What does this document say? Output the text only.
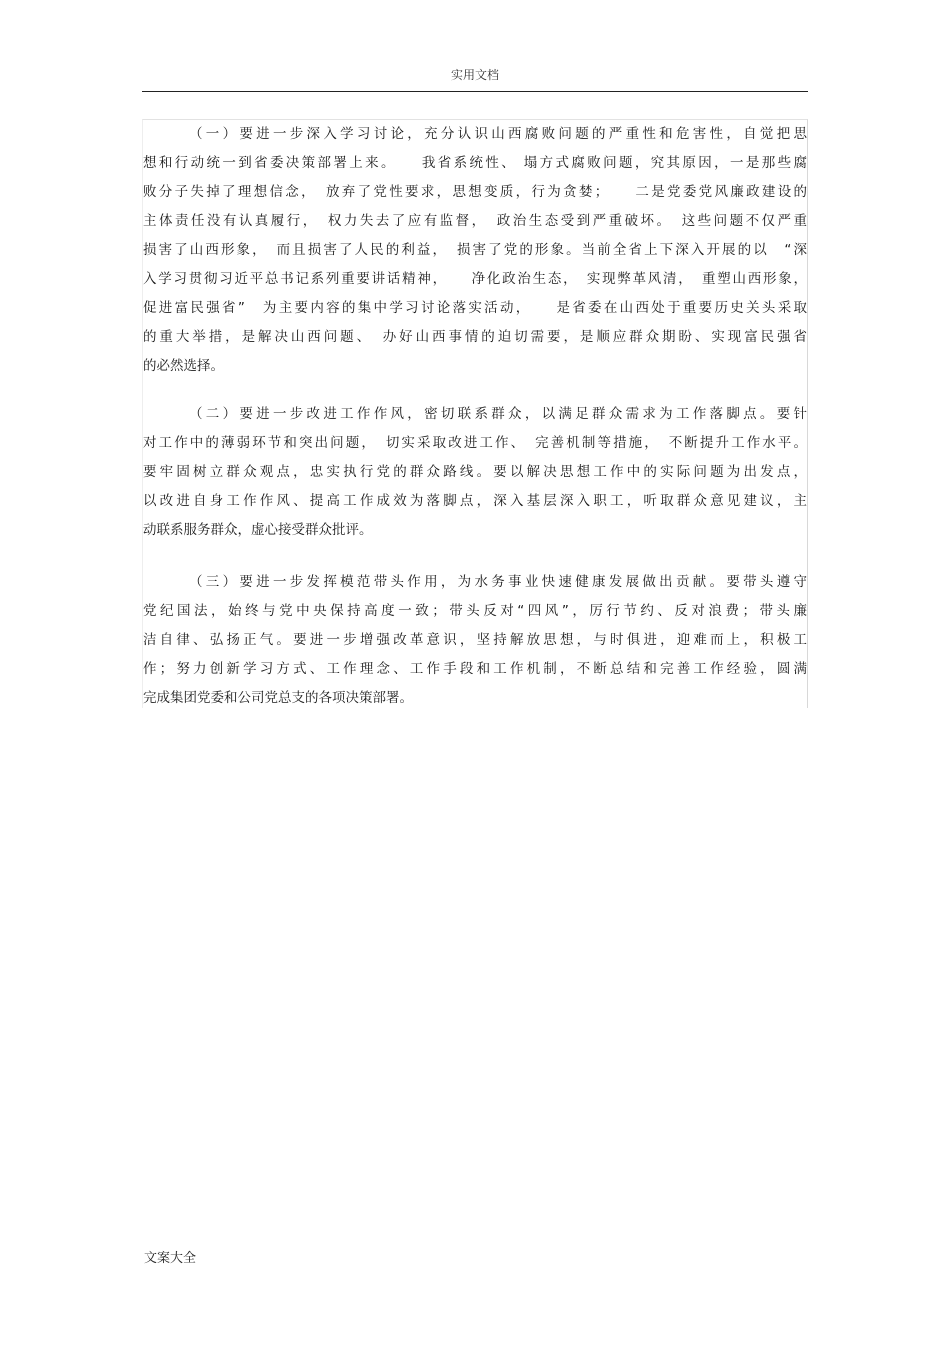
实用文档
（一）要进一步深入学习讨论，充分认识山西腐败问题的严重性和危害性，自觉把思
想和行动统一到省委决策部署上来。　　我省系统性、 塌方式腐败问题，究其原因，一是那些腐
败分子失掉了理想信念，　放弃了党性要求，思想变质，行为贪婪；　　二是党委党风廉政建设的
主体责任没有认真履行，　权力失去了应有监督，　政治生态受到严重破坏。　这些问题不仅严重
损害了山西形象，　而且损害了人民的利益，　损害了党的形象。当前全省上下深入开展的以　“深
入学习贯彻习近平总书记系列重要讲话精神，　　净化政治生态，　实现弊革风清，　重塑山西形象，
促进富民强省”　为主要内容的集中学习讨论落实活动，　　是省委在山西处于重要历史关头采取
的重大举措，是解决山西问题、　办好山西事情的迫切需要，是顺应群众期盼、实现富民强省
的必然选择。
（二）要进一步改进工作作风，密切联系群众，以满足群众需求为工作落脚点。要针
对工作中的薄弱环节和突出问题，　切实采取改进工作、　完善机制等措施，　不断提升工作水平。
要牢固树立群众观点，忠实执行党的群众路线。要以解决思想工作中的实际问题为出发点，
以改进自身工作作风、提高工作成效为落脚点，深入基层深入职工，听取群众意见建议，主
动联系服务群众，虚心接受群众批评。
（三）要进一步发挥模范带头作用，为水务事业快速健康发展做出贡献。要带头遵守
党纪国法，始终与党中央保持高度一致；带头反对“四风”，厉行节约、反对浪费；带头廉
洁自律、弘扬正气。要进一步增强改革意识，坚持解放思想，与时俱进，迎难而上，积极工
作；努力创新学习方式、工作理念、工作手段和工作机制，不断总结和完善工作经验，圆满
完成集团党委和公司党总支的各项决策部署。
文案大全
